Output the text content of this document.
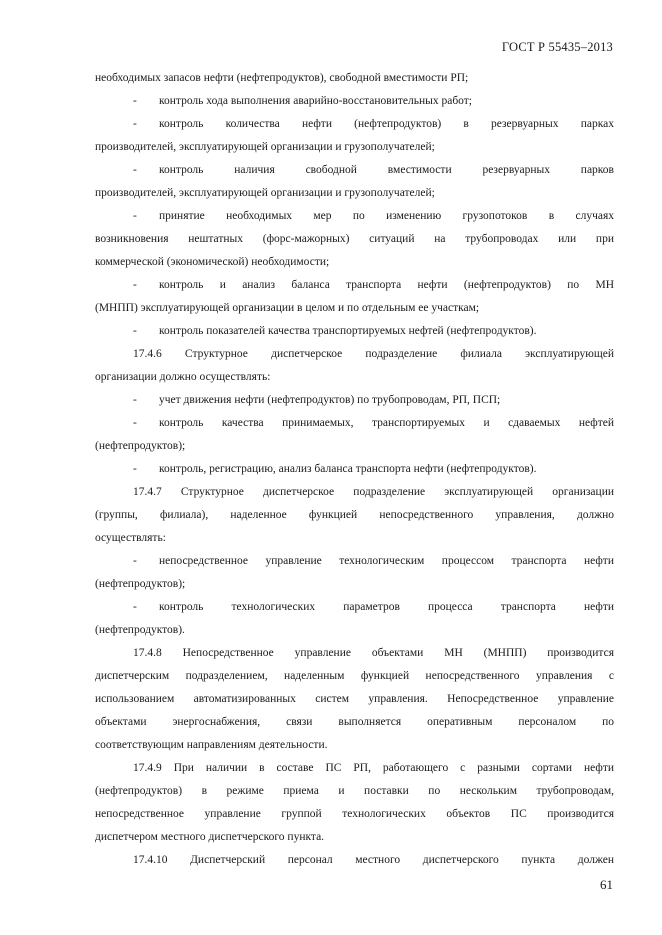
ГОСТ Р 55435–2013
необходимых запасов нефти (нефтепродуктов), свободной вместимости РП;
- контроль хода выполнения аварийно-восстановительных работ;
- контроль количества нефти (нефтепродуктов) в резервуарных парках
производителей, эксплуатирующей организации и грузополучателей;
- контроль наличия свободной вместимости резервуарных парков
производителей, эксплуатирующей организации и грузополучателей;
- принятие необходимых мер по изменению грузопотоков в случаях
возникновения нештатных (форс-мажорных) ситуаций на трубопроводах или при
коммерческой (экономической) необходимости;
- контроль и анализ баланса транспорта нефти (нефтепродуктов) по МН
(МНПП) эксплуатирующей организации в целом и по отдельным ее участкам;
- контроль показателей качества транспортируемых нефтей (нефтепродуктов).
17.4.6 Структурное диспетчерское подразделение филиала эксплуатирующей
организации должно осуществлять:
- учет движения нефти (нефтепродуктов) по трубопроводам, РП, ПСП;
- контроль качества принимаемых, транспортируемых и сдаваемых нефтей
(нефтепродуктов);
- контроль, регистрацию, анализ баланса транспорта нефти (нефтепродуктов).
17.4.7 Структурное диспетчерское подразделение эксплуатирующей организации
(группы, филиала), наделенное функцией непосредственного управления, должно
осуществлять:
- непосредственное управление технологическим процессом транспорта нефти
(нефтепродуктов);
- контроль технологических параметров процесса транспорта нефти
(нефтепродуктов).
17.4.8 Непосредственное управление объектами МН (МНПП) производится
диспетчерским подразделением, наделенным функцией непосредственного управления с
использованием автоматизированных систем управления. Непосредственное управление
объектами энергоснабжения, связи выполняется оперативным персоналом по
соответствующим направлениям деятельности.
17.4.9 При наличии в составе ПС РП, работающего с разными сортами нефти
(нефтепродуктов) в режиме приема и поставки по нескольким трубопроводам,
непосредственное управление группой технологических объектов ПС производится
диспетчером местного диспетчерского пункта.
17.4.10 Диспетчерский персонал местного диспетчерского пункта должен
61
